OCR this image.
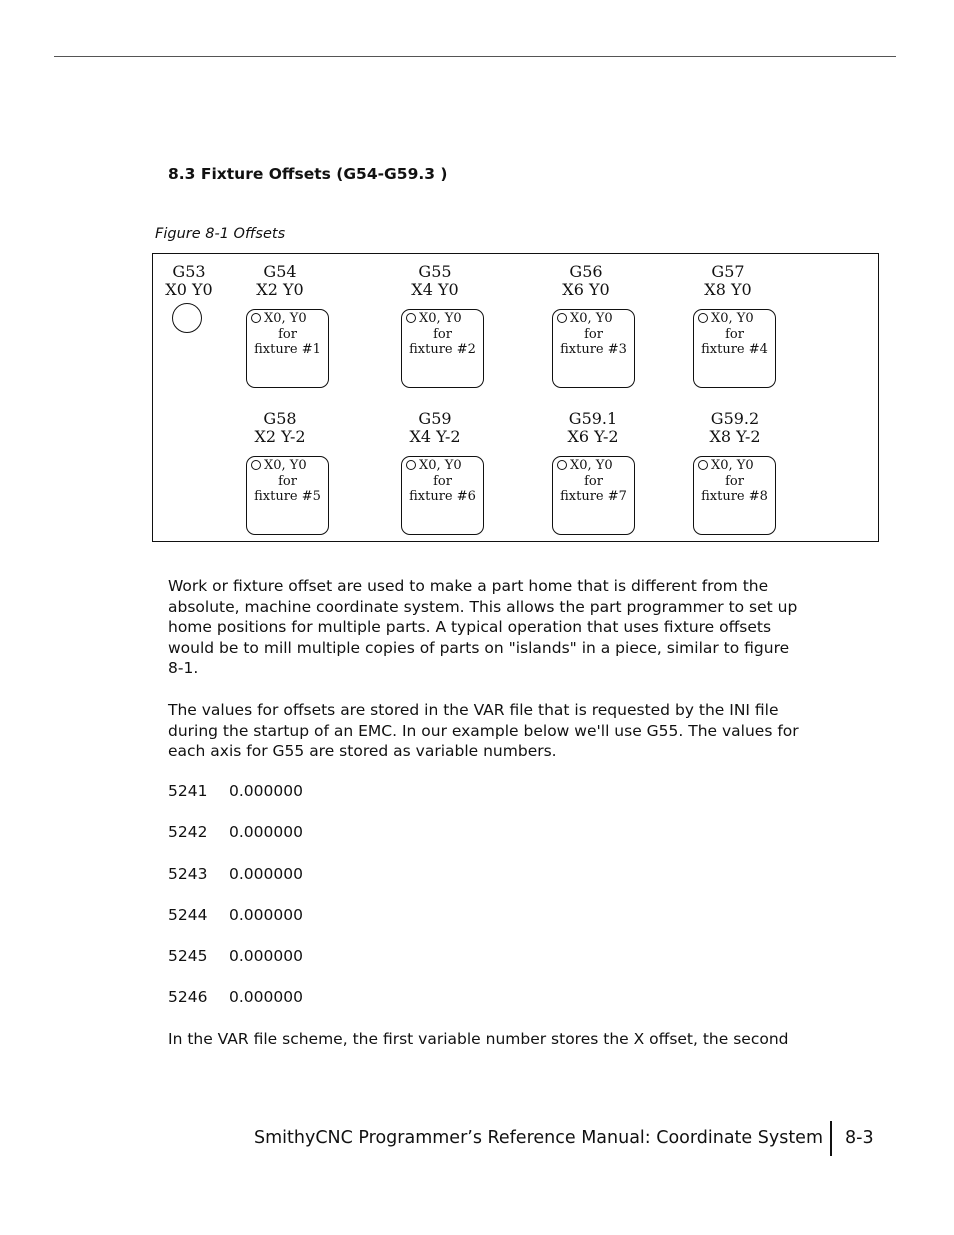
8.3 Fixture Offsets (G54-G59.3 )
Figure 8-1 Offsets
G53
X0 Y0
G54
X2 Y0
X0, Y0
for
fixture #1
G55
X4 Y0
X0, Y0
for
fixture #2
G56
X6 Y0
X0, Y0
for
fixture #3
G57
X8 Y0
X0, Y0
for
fixture #4
G58
X2 Y-2
X0, Y0
for
fixture #5
G59
X4 Y-2
X0, Y0
for
fixture #6
G59.1
X6 Y-2
X0, Y0
for
fixture #7
G59.2
X8 Y-2
X0, Y0
for
fixture #8

Work or fixture offset are used to make a part home that is different from the absolute, machine coordinate system. This allows the part programmer to set up home positions for multiple parts. A typical operation that uses fixture offsets would be to mill multiple copies of parts on "islands" in a piece, similar to figure 8-1.

The values for offsets are stored in the VAR file that is requested by the INI file during the startup of an EMC. In our example below we'll use G55. The values for each axis for G55 are stored as variable numbers.

5241 0.000000
5242 0.000000
5243 0.000000
5244 0.000000
5245 0.000000
5246 0.000000

In the VAR file scheme, the first variable number stores the X offset, the second

SmithyCNC Programmer’s Reference Manual: Coordinate System 8-3
